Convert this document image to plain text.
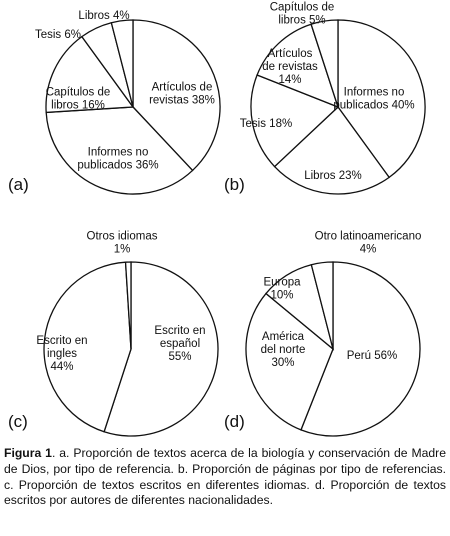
Artículos de revistas 38%
Informes no publicados 36%
Capítulos de libros 16%
Tesis 6%
Libros 4%
(a)
Informes no publicados 40%
Libros 23%
Tesis 18%
Artículos de revistas 14%
Capítulos de libros 5%
(b)
Escrito en español 55%
Escrito en ingles 44%
Otros idiomas 1%
(c)
Perú 56%
América del norte 30%
Europa 10%
Otro latinoamericano 4%
(d)
Figura 1. a. Proporción de textos acerca de la biología y conservación de Madre de Dios, por tipo de referencia. b. Proporción de páginas por tipo de referencias. c. Proporción de textos escritos en diferentes idiomas. d. Proporción de textos escritos por autores de diferentes nacionalidades.
